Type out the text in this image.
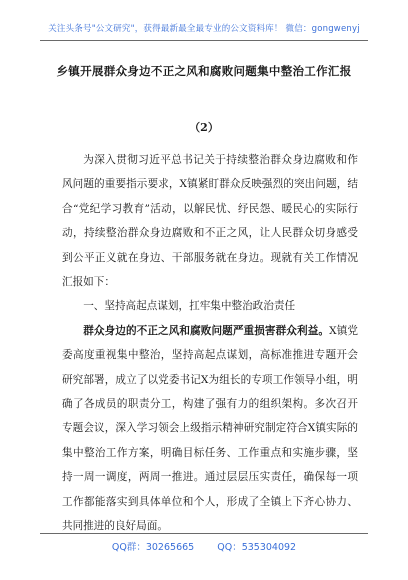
关注头条号"公文研究"，获得最新最全最专业的公文资料库！ 微信：gongwenyj
乡镇开展群众身边不正之风和腐败问题集中整治工作汇报
（2）

为深入贯彻习近平总书记关于持续整治群众身边腐败和作风问题的重要指示要求，X镇紧盯群众反映强烈的突出问题，结合“党纪学习教育”活动，以解民忧、纾民怨、暖民心的实际行动，持续整治群众身边腐败和不正之风，让人民群众切身感受到公平正义就在身边、干部服务就在身边。现就有关工作情况汇报如下：

一、坚持高起点谋划，扛牢集中整治政治责任

群众身边的不正之风和腐败问题严重损害群众利益。X镇党委高度重视集中整治，坚持高起点谋划，高标准推进专题开会研究部署，成立了以党委书记X为组长的专项工作领导小组，明确了各成员的职责分工，构建了强有力的组织架构。多次召开专题会议，深入学习领会上级指示精神研究制定符合X镇实际的集中整治工作方案，明确目标任务、工作重点和实施步骤，坚持一周一调度，两周一推进。通过层层压实责任，确保每一项工作都能落实到具体单位和个人，形成了全镇上下齐心协力、共同推进的良好局面。

QQ群：30265665 QQ：535304092
